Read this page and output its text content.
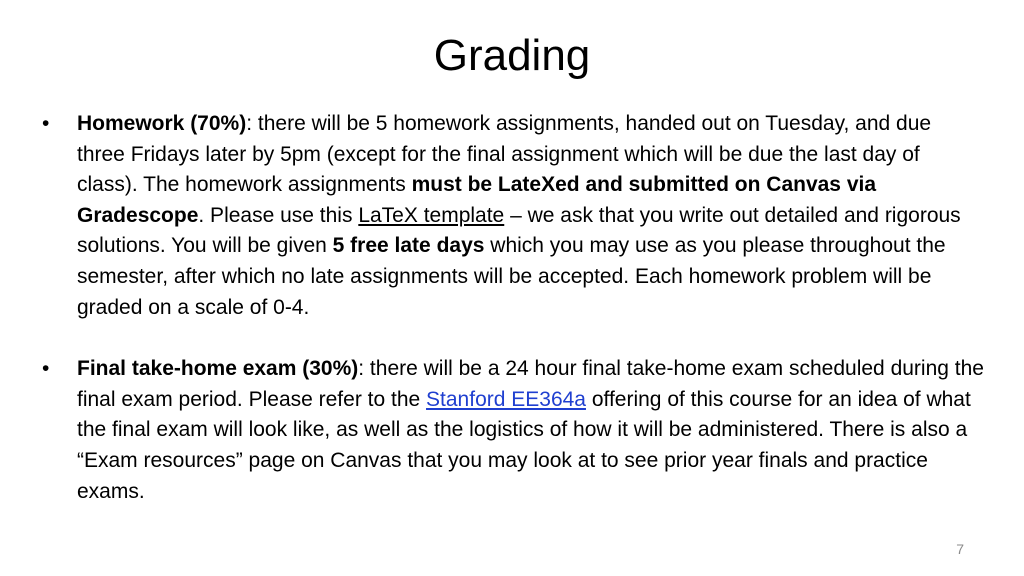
Grading
• Homework (70%): there will be 5 homework assignments, handed out on Tuesday, and due three Fridays later by 5pm (except for the final assignment which will be due the last day of class). The homework assignments must be LateXed and submitted on Canvas via Gradescope. Please use this LaTeX template – we ask that you write out detailed and rigorous solutions. You will be given 5 free late days which you may use as you please throughout the semester, after which no late assignments will be accepted. Each homework problem will be graded on a scale of 0-4.
• Final take-home exam (30%): there will be a 24 hour final take-home exam scheduled during the final exam period. Please refer to the Stanford EE364a offering of this course for an idea of what the final exam will look like, as well as the logistics of how it will be administered. There is also a “Exam resources” page on Canvas that you may look at to see prior year finals and practice exams.
7
